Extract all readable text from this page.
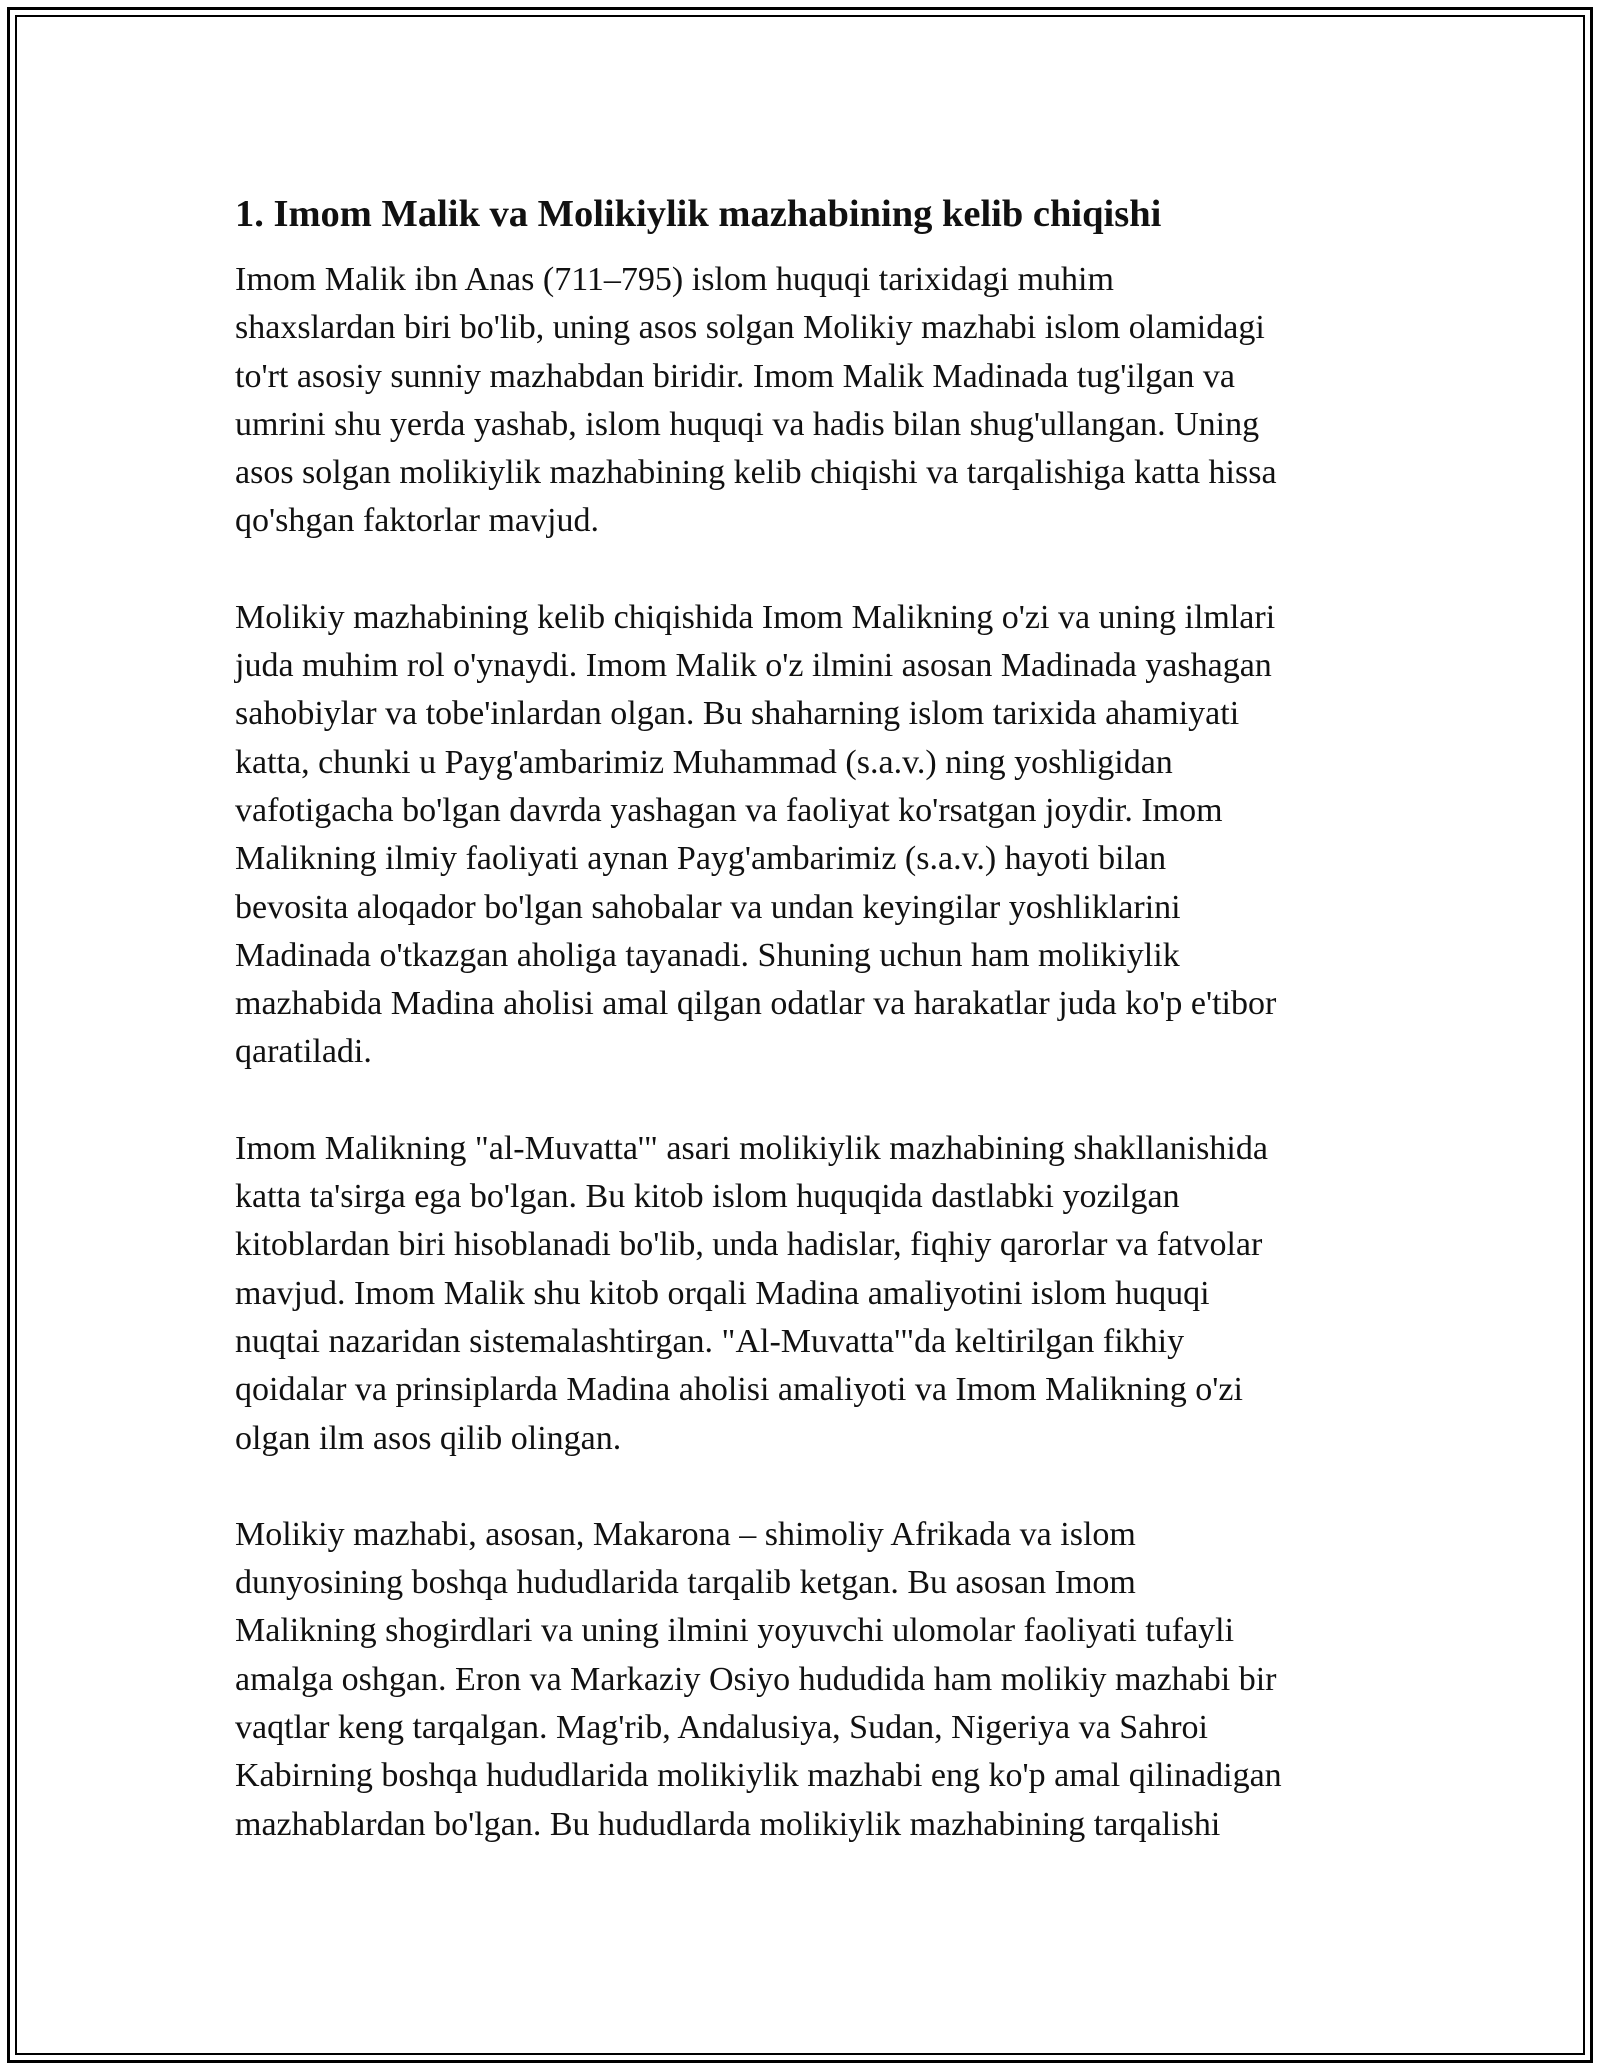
1. Imom Malik va Molikiylik mazhabining kelib chiqishi

Imom Malik ibn Anas (711–795) islom huquqi tarixidagi muhim
shaxslardan biri bo'lib, uning asos solgan Molikiy mazhabi islom olamidagi
to'rt asosiy sunniy mazhabdan biridir. Imom Malik Madinada tug'ilgan va
umrini shu yerda yashab, islom huquqi va hadis bilan shug'ullangan. Uning
asos solgan molikiylik mazhabining kelib chiqishi va tarqalishiga katta hissa
qo'shgan faktorlar mavjud.

Molikiy mazhabining kelib chiqishida Imom Malikning o'zi va uning ilmlari
juda muhim rol o'ynaydi. Imom Malik o'z ilmini asosan Madinada yashagan
sahobiylar va tobe'inlardan olgan. Bu shaharning islom tarixida ahamiyati
katta, chunki u Payg'ambarimiz Muhammad (s.a.v.) ning yoshligidan
vafotigacha bo'lgan davrda yashagan va faoliyat ko'rsatgan joydir. Imom
Malikning ilmiy faoliyati aynan Payg'ambarimiz (s.a.v.) hayoti bilan
bevosita aloqador bo'lgan sahobalar va undan keyingilar yoshliklarini
Madinada o'tkazgan aholiga tayanadi. Shuning uchun ham molikiylik
mazhabida Madina aholisi amal qilgan odatlar va harakatlar juda ko'p e'tibor
qaratiladi.

Imom Malikning "al-Muvatta'" asari molikiylik mazhabining shakllanishida
katta ta'sirga ega bo'lgan. Bu kitob islom huquqida dastlabki yozilgan
kitoblardan biri hisoblanadi bo'lib, unda hadislar, fiqhiy qarorlar va fatvolar
mavjud. Imom Malik shu kitob orqali Madina amaliyotini islom huquqi
nuqtai nazaridan sistemalashtirgan. "Al-Muvatta'"da keltirilgan fikhiy
qoidalar va prinsiplarda Madina aholisi amaliyoti va Imom Malikning o'zi
olgan ilm asos qilib olingan.

Molikiy mazhabi, asosan, Makarona – shimoliy Afrikada va islom
dunyosining boshqa hududlarida tarqalib ketgan. Bu asosan Imom
Malikning shogirdlari va uning ilmini yoyuvchi ulomolar faoliyati tufayli
amalga oshgan. Eron va Markaziy Osiyo hududida ham molikiy mazhabi bir
vaqtlar keng tarqalgan. Mag'rib, Andalusiya, Sudan, Nigeriya va Sahroi
Kabirning boshqa hududlarida molikiylik mazhabi eng ko'p amal qilinadigan
mazhablardan bo'lgan. Bu hududlarda molikiylik mazhabining tarqalishi
